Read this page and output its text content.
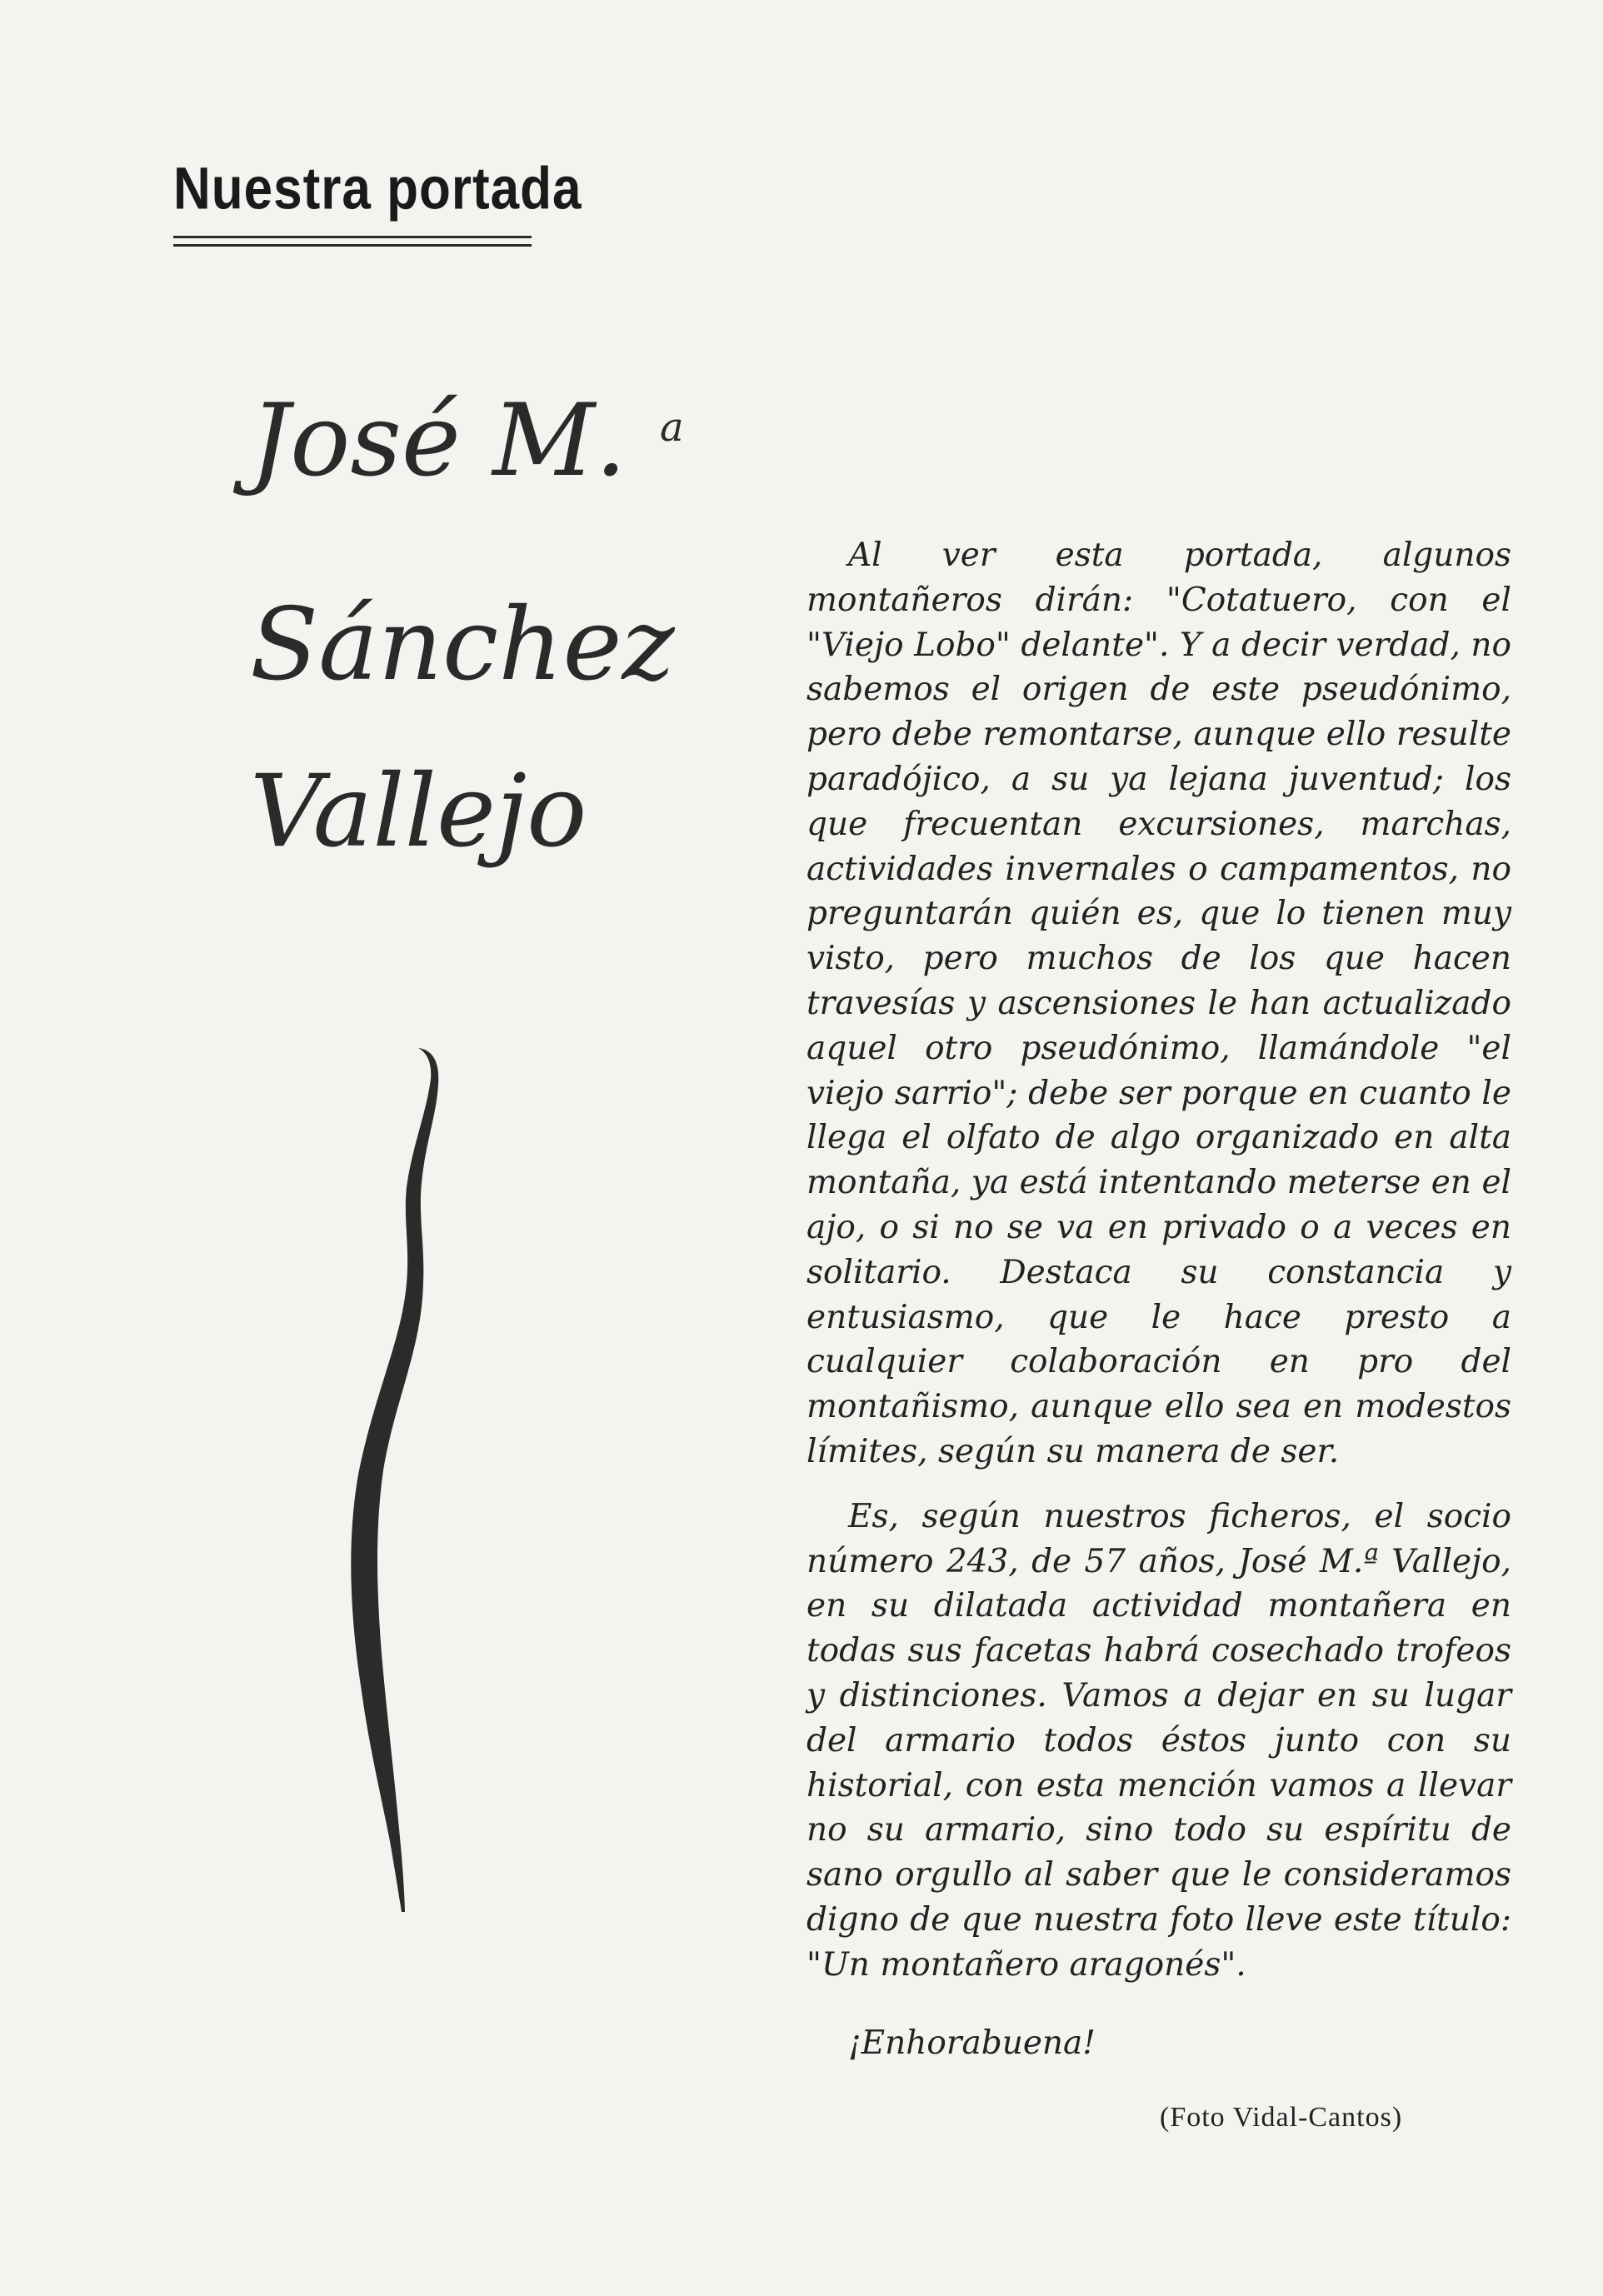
Nuestra portada
José M. a
Sánchez
Vallejo

Al ver esta portada, algunos montañeros dirán: "Cotatuero, con el "Viejo Lobo" delante". Y a decir verdad, no sabemos el origen de este pseudónimo, pero debe remontarse, aunque ello resulte paradójico, a su ya lejana juventud; los que frecuentan excursiones, marchas, actividades invernales o campamentos, no preguntarán quién es, que lo tienen muy visto, pero muchos de los que hacen travesías y ascensiones le han actualizado aquel otro pseudónimo, llamándole "el viejo sarrio"; debe ser porque en cuanto le llega el olfato de algo organizado en alta montaña, ya está intentando meterse en el ajo, o si no se va en privado o a veces en solitario. Destaca su constancia y entusiasmo, que le hace presto a cualquier colaboración en pro del montañismo, aunque ello sea en modestos límites, según su manera de ser.

Es, según nuestros ficheros, el socio número 243, de 57 años, José M.ª Vallejo, en su dilatada actividad montañera en todas sus facetas habrá cosechado trofeos y distinciones. Vamos a dejar en su lugar del armario todos éstos junto con su historial, con esta mención vamos a llevar no su armario, sino todo su espíritu de sano orgullo al saber que le consideramos digno de que nuestra foto lleve este título: "Un montañero aragonés".

¡Enhorabuena!

(Foto Vidal-Cantos)
